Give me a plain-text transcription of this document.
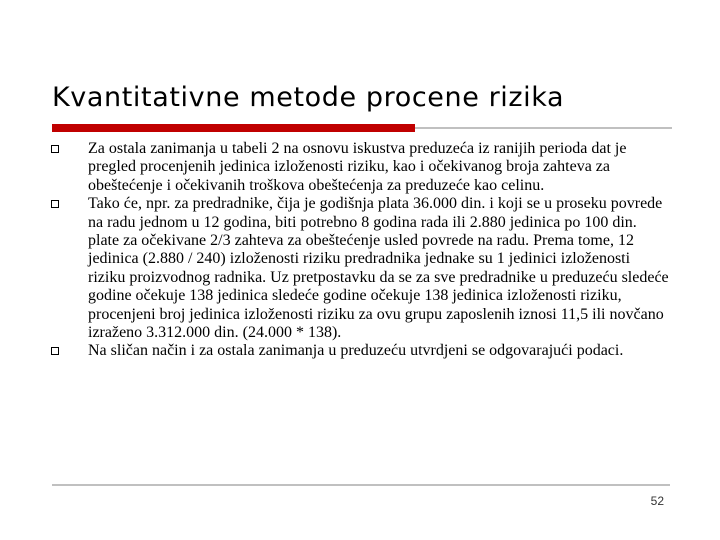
Kvantitativne metode procene rizika
Za ostala zanimanja u tabeli 2 na osnovu iskustva preduzeća iz ranijih perioda dat je pregled procenjenih jedinica izloženosti riziku, kao i očekivanog broja zahteva za obeštećenje i očekivanih troškova obeštećenja za preduzeće kao celinu.
Tako će, npr. za predradnike, čija je godišnja plata 36.000 din. i koji se u proseku povrede na radu jednom u 12 godina, biti potrebno 8 godina rada ili 2.880 jedinica po 100 din. plate za očekivane 2/3 zahteva za obeštećenje usled povrede na radu. Prema tome, 12 jedinica (2.880 / 240) izloženosti riziku predradnika jednake su 1 jedinici izloženosti riziku proizvodnog radnika. Uz pretpostavku da se za sve predradnike u preduzeću sledeće godine očekuje 138 jedinica sledeće godine očekuje 138 jedinica izloženosti riziku, procenjeni broj jedinica izloženosti riziku za ovu grupu zaposlenih iznosi 11,5 ili novčano izraženo 3.312.000 din. (24.000 * 138).
Na sličan način i za ostala zanimanja u preduzeću utvrdjeni se odgovarajući podaci.
52
